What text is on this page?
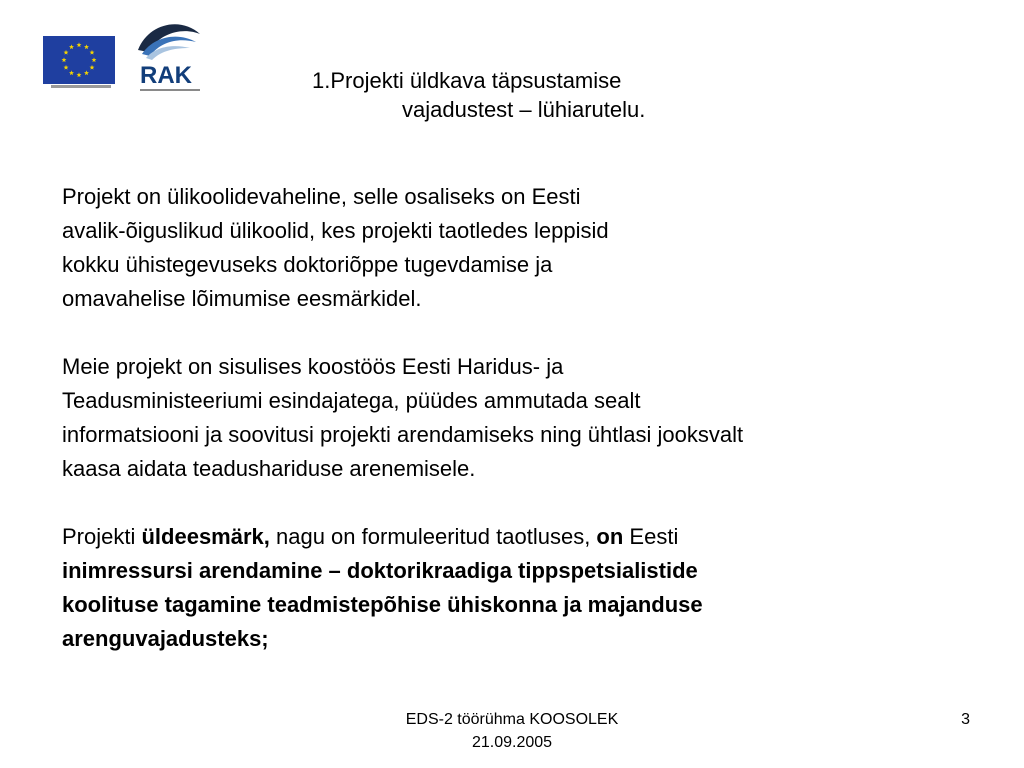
RAK	1.Projekti üldkava täpsustamise
vajadustest – lühiarutelu.

Projekt on ülikoolidevaheline, selle osaliseks on Eesti
avalik-õiguslikud ülikoolid, kes projekti taotledes leppisid
kokku ühistegevuseks doktoriõppe tugevdamise ja
omavahelise lõimumise eesmärkidel.

Meie projekt on sisulises koostöös Eesti Haridus- ja
Teadusministeeriumi esindajatega, püüdes ammutada sealt
informatsiooni ja soovitusi projekti arendamiseks ning ühtlasi jooksvalt
kaasa aidata teadushariduse arenemisele.

Projekti üldeesmärk, nagu on formuleeritud taotluses, on Eesti
inimressursi arendamine – doktorikraadiga tippspetsialistide
koolituse tagamine teadmistepõhise ühiskonna ja majanduse
arenguvajadusteks;

EDS-2 töörühma KOOSOLEK
21.09.2005
3
